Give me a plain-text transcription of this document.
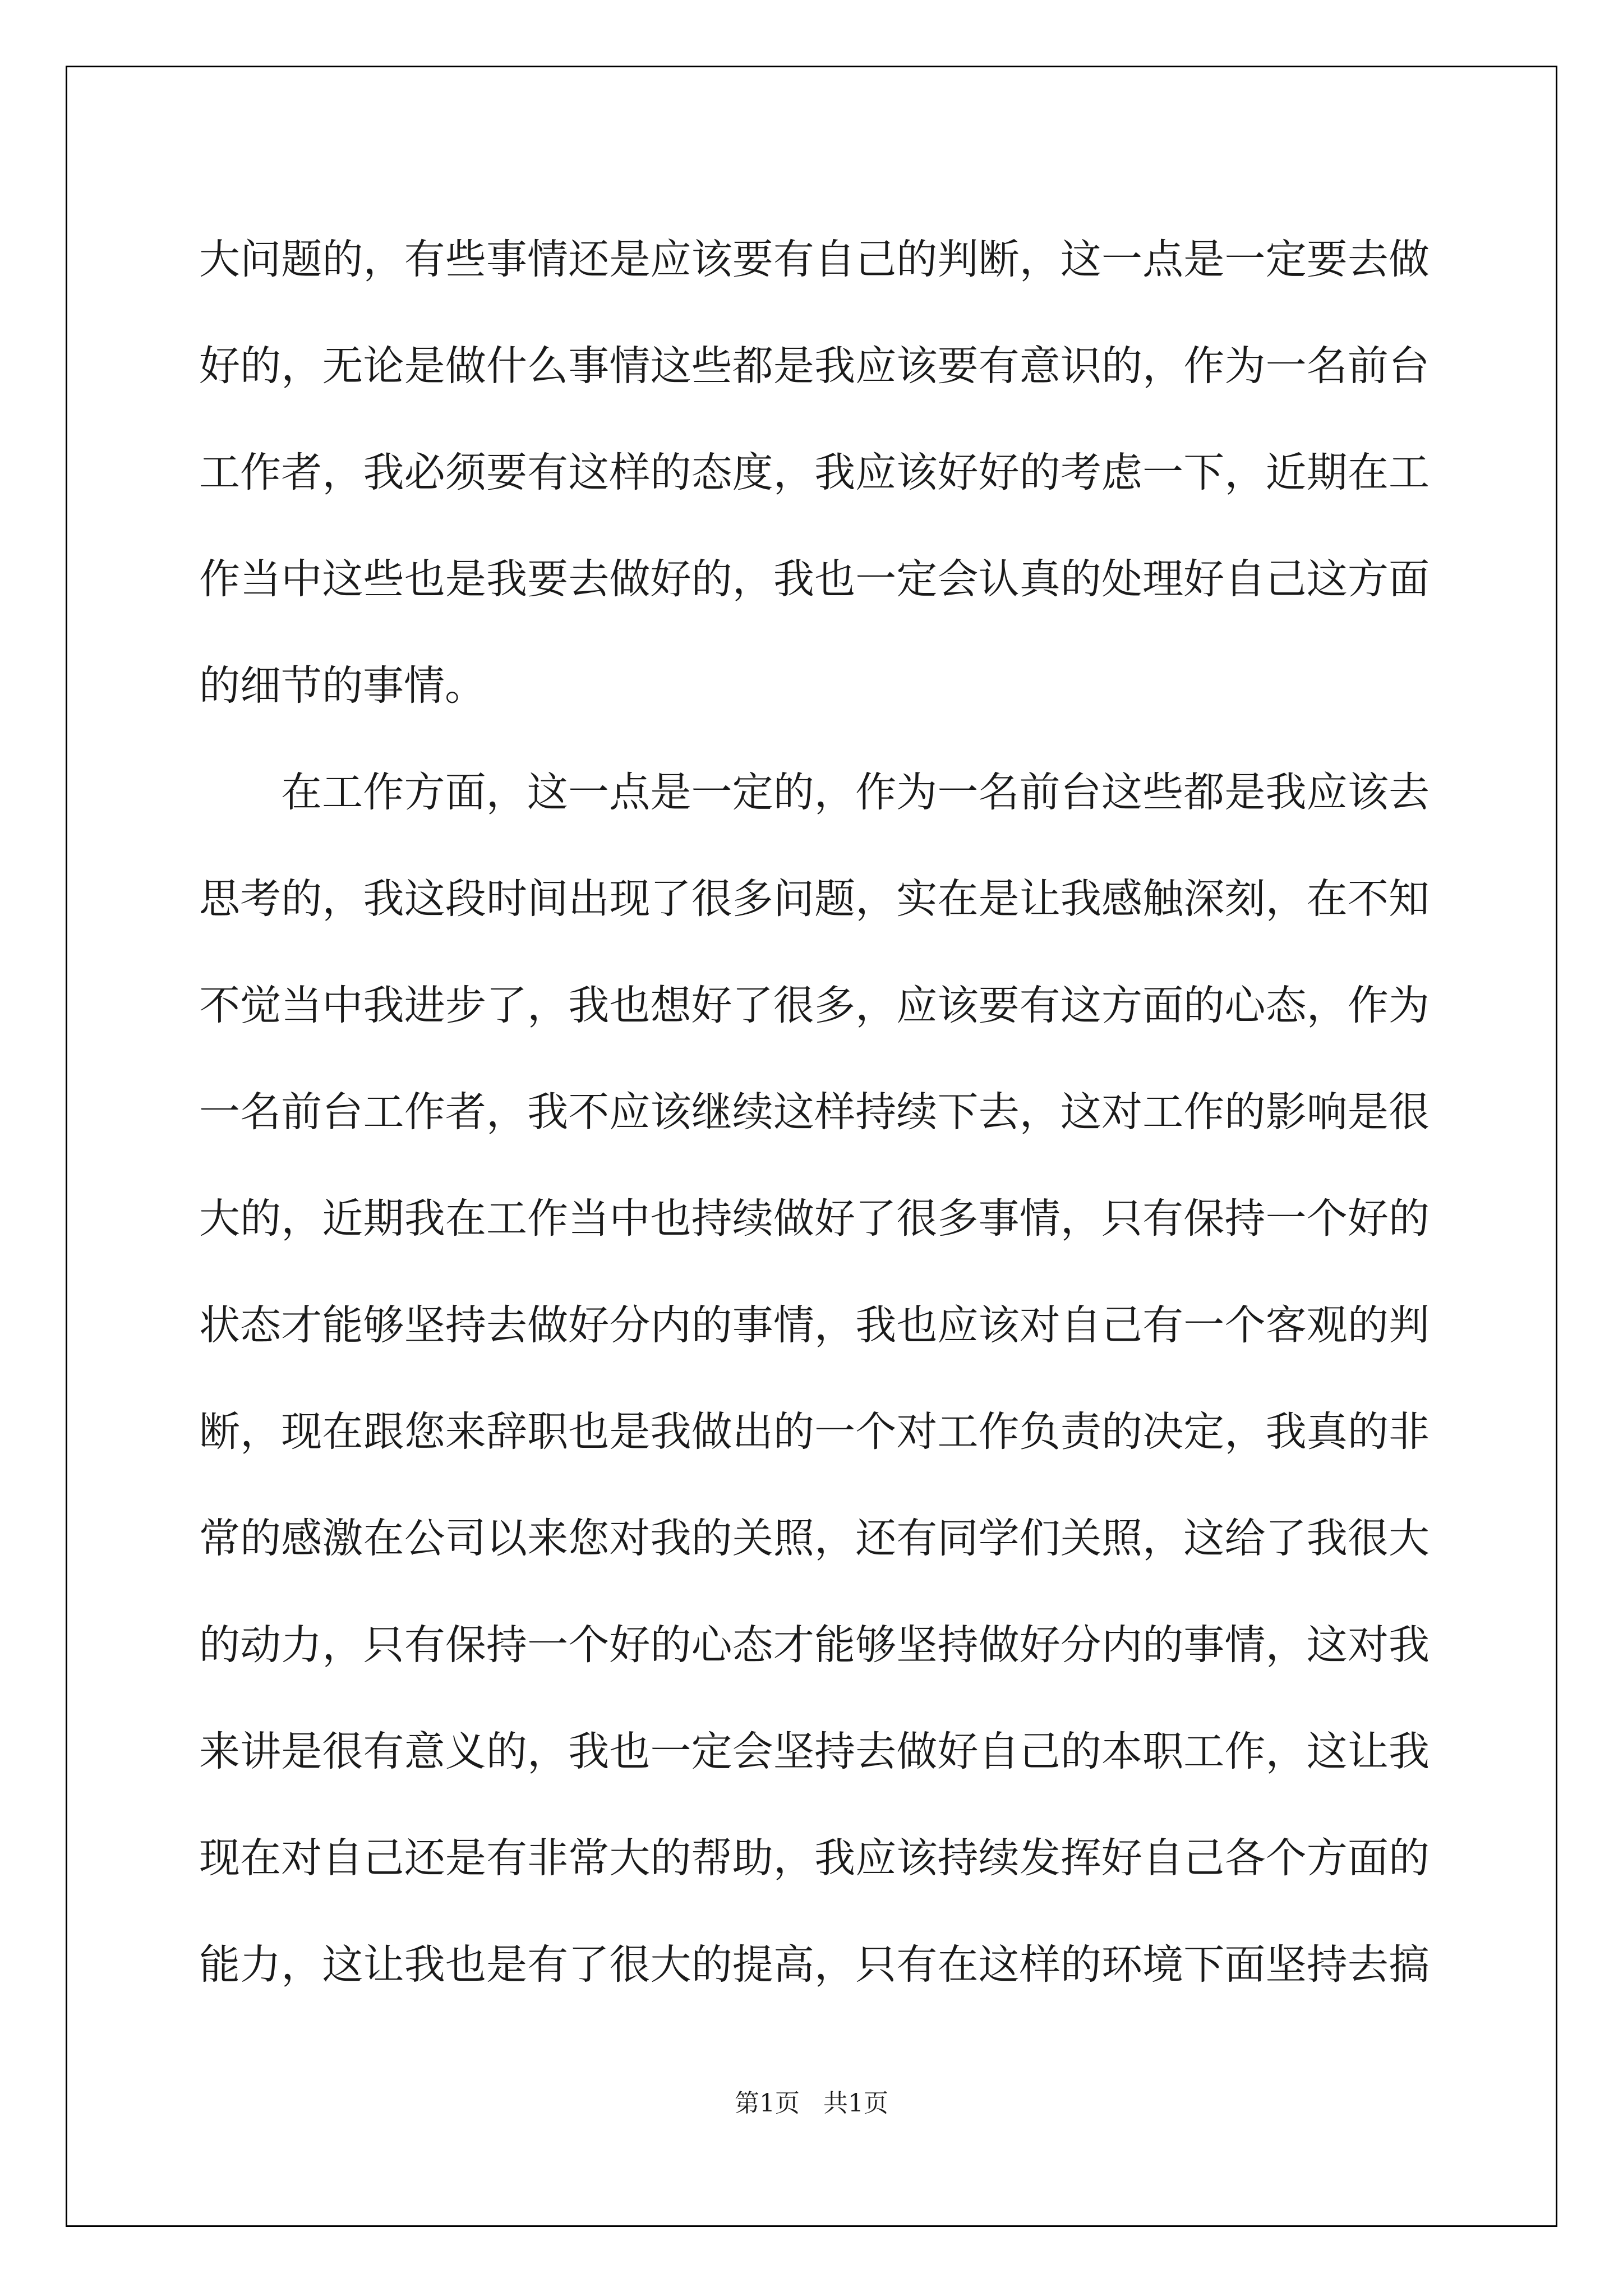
大问题的，有些事情还是应该要有自己的判断，这一点是一定要去做
好的，无论是做什么事情这些都是我应该要有意识的，作为一名前台
工作者，我必须要有这样的态度，我应该好好的考虑一下，近期在工
作当中这些也是我要去做好的，我也一定会认真的处理好自己这方面
的细节的事情。
在工作方面，这一点是一定的，作为一名前台这些都是我应该去
思考的，我这段时间出现了很多问题，实在是让我感触深刻，在不知
不觉当中我进步了，我也想好了很多，应该要有这方面的心态，作为
一名前台工作者，我不应该继续这样持续下去，这对工作的影响是很
大的，近期我在工作当中也持续做好了很多事情，只有保持一个好的
状态才能够坚持去做好分内的事情，我也应该对自己有一个客观的判
断，现在跟您来辞职也是我做出的一个对工作负责的决定，我真的非
常的感激在公司以来您对我的关照，还有同学们关照，这给了我很大
的动力，只有保持一个好的心态才能够坚持做好分内的事情，这对我
来讲是很有意义的，我也一定会坚持去做好自己的本职工作，这让我
现在对自己还是有非常大的帮助，我应该持续发挥好自己各个方面的
能力，这让我也是有了很大的提高，只有在这样的环境下面坚持去搞
第1页 共1页
